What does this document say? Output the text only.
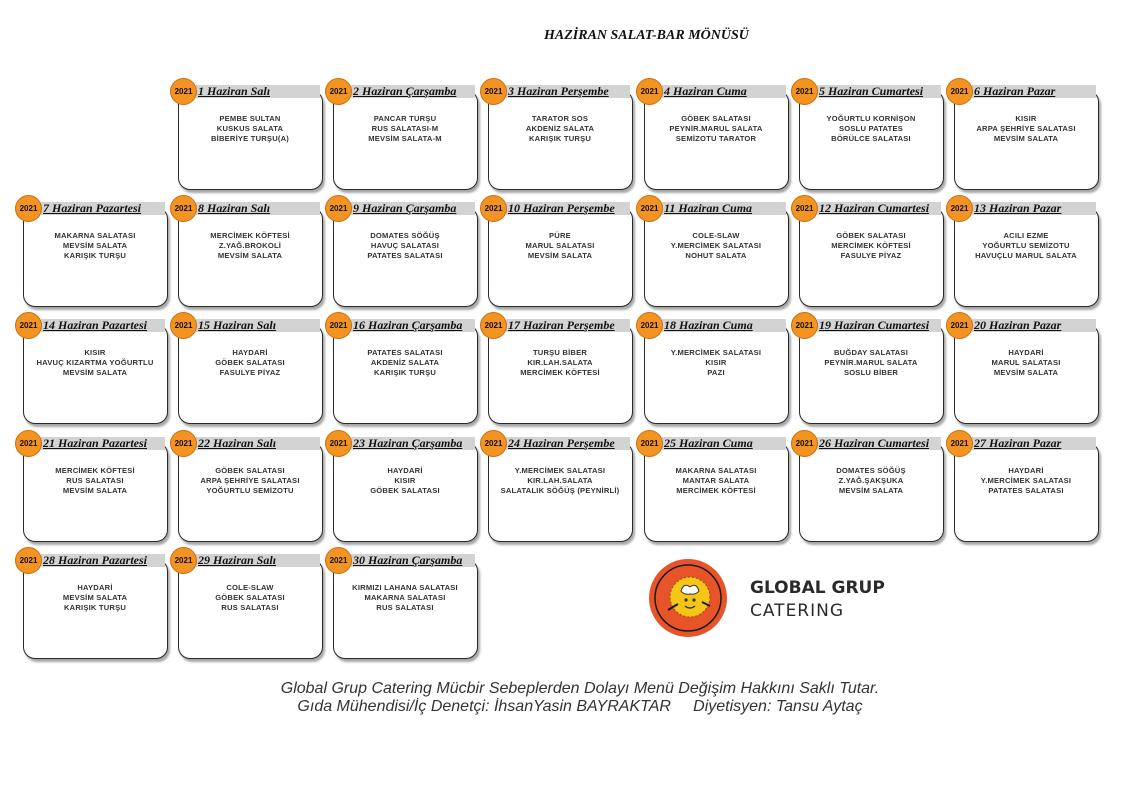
HAZİRAN SALAT-BAR MÖNÜSÜ
1 Haziran Salı
2021
PEMBE SULTAN
KUSKUS SALATA
BİBERİYE TURŞU(A)
2 Haziran Çarşamba
2021
PANCAR TURŞU
RUS SALATASI-M
MEVSİM SALATA-M
3 Haziran Perşembe
2021
TARATOR SOS
AKDENİZ SALATA
KARIŞIK TURŞU
4 Haziran Cuma
2021
GÖBEK SALATASI
PEYNİR.MARUL SALATA
SEMİZOTU TARATOR
5 Haziran Cumartesi
2021
YOĞURTLU KORNİŞON
SOSLU PATATES
BÖRÜLCE SALATASI
6 Haziran Pazar
2021
KISIR
ARPA ŞEHRİYE SALATASI
MEVSİM SALATA
7 Haziran Pazartesi
2021
MAKARNA SALATASI
MEVSİM SALATA
KARIŞIK TURŞU
8 Haziran Salı
2021
MERCİMEK KÖFTESİ
Z.YAĞ.BROKOLİ
MEVSİM SALATA
9 Haziran Çarşamba
2021
DOMATES SÖĞÜŞ
HAVUÇ SALATASI
PATATES SALATASI
10 Haziran Perşembe
2021
PÜRE
MARUL SALATASI
MEVSİM SALATA
11 Haziran Cuma
2021
COLE-SLAW
Y.MERCİMEK SALATASI
NOHUT SALATA
12 Haziran Cumartesi
2021
GÖBEK SALATASI
MERCİMEK KÖFTESİ
FASULYE PİYAZ
13 Haziran Pazar
2021
ACILI EZME
YOĞURTLU SEMİZOTU
HAVUÇLU MARUL SALATA
14 Haziran Pazartesi
2021
KISIR
HAVUÇ KIZARTMA YOĞURTLU
MEVSİM SALATA
15 Haziran Salı
2021
HAYDARİ
GÖBEK SALATASI
FASULYE PİYAZ
16 Haziran Çarşamba
2021
PATATES SALATASI
AKDENİZ SALATA
KARIŞIK TURŞU
17 Haziran Perşembe
2021
TURŞU BİBER
KIR.LAH.SALATA
MERCİMEK KÖFTESİ
18 Haziran Cuma
2021
Y.MERCİMEK SALATASI
KISIR
PAZI
19 Haziran Cumartesi
2021
BUĞDAY SALATASI
PEYNİR.MARUL SALATA
SOSLU BİBER
20 Haziran Pazar
2021
HAYDARİ
MARUL SALATASI
MEVSİM SALATA
21 Haziran Pazartesi
2021
MERCİMEK KÖFTESİ
RUS SALATASI
MEVSİM SALATA
22 Haziran Salı
2021
GÖBEK SALATASI
ARPA ŞEHRİYE SALATASI
YOĞURTLU SEMİZOTU
23 Haziran Çarşamba
2021
HAYDARİ
KISIR
GÖBEK SALATASI
24 Haziran Perşembe
2021
Y.MERCİMEK SALATASI
KIR.LAH.SALATA
SALATALIK SÖĞÜŞ (PEYNİRLİ)
25 Haziran Cuma
2021
MAKARNA SALATASI
MANTAR SALATA
MERCİMEK KÖFTESİ
26 Haziran Cumartesi
2021
DOMATES SÖĞÜŞ
Z.YAĞ.ŞAKŞUKA
MEVSİM SALATA
27 Haziran Pazar
2021
HAYDARİ
Y.MERCİMEK SALATASI
PATATES SALATASI
28 Haziran Pazartesi
2021
HAYDARİ
MEVSİM SALATA
KARIŞIK TURŞU
29 Haziran Salı
2021
COLE-SLAW
GÖBEK SALATASI
RUS SALATASI
30 Haziran Çarşamba
2021
KIRMIZI LAHANA SALATASI
MAKARNA SALATASI
RUS SALATASI
GLOBAL GRUP
CATERING
Global Grup Catering Mücbir Sebeplerden Dolayı Menü Değişim Hakkını Saklı Tutar.
Gıda Mühendisi/İç Denetçi: İhsanYasin BAYRAKTAR     Diyetisyen: Tansu Aytaç
